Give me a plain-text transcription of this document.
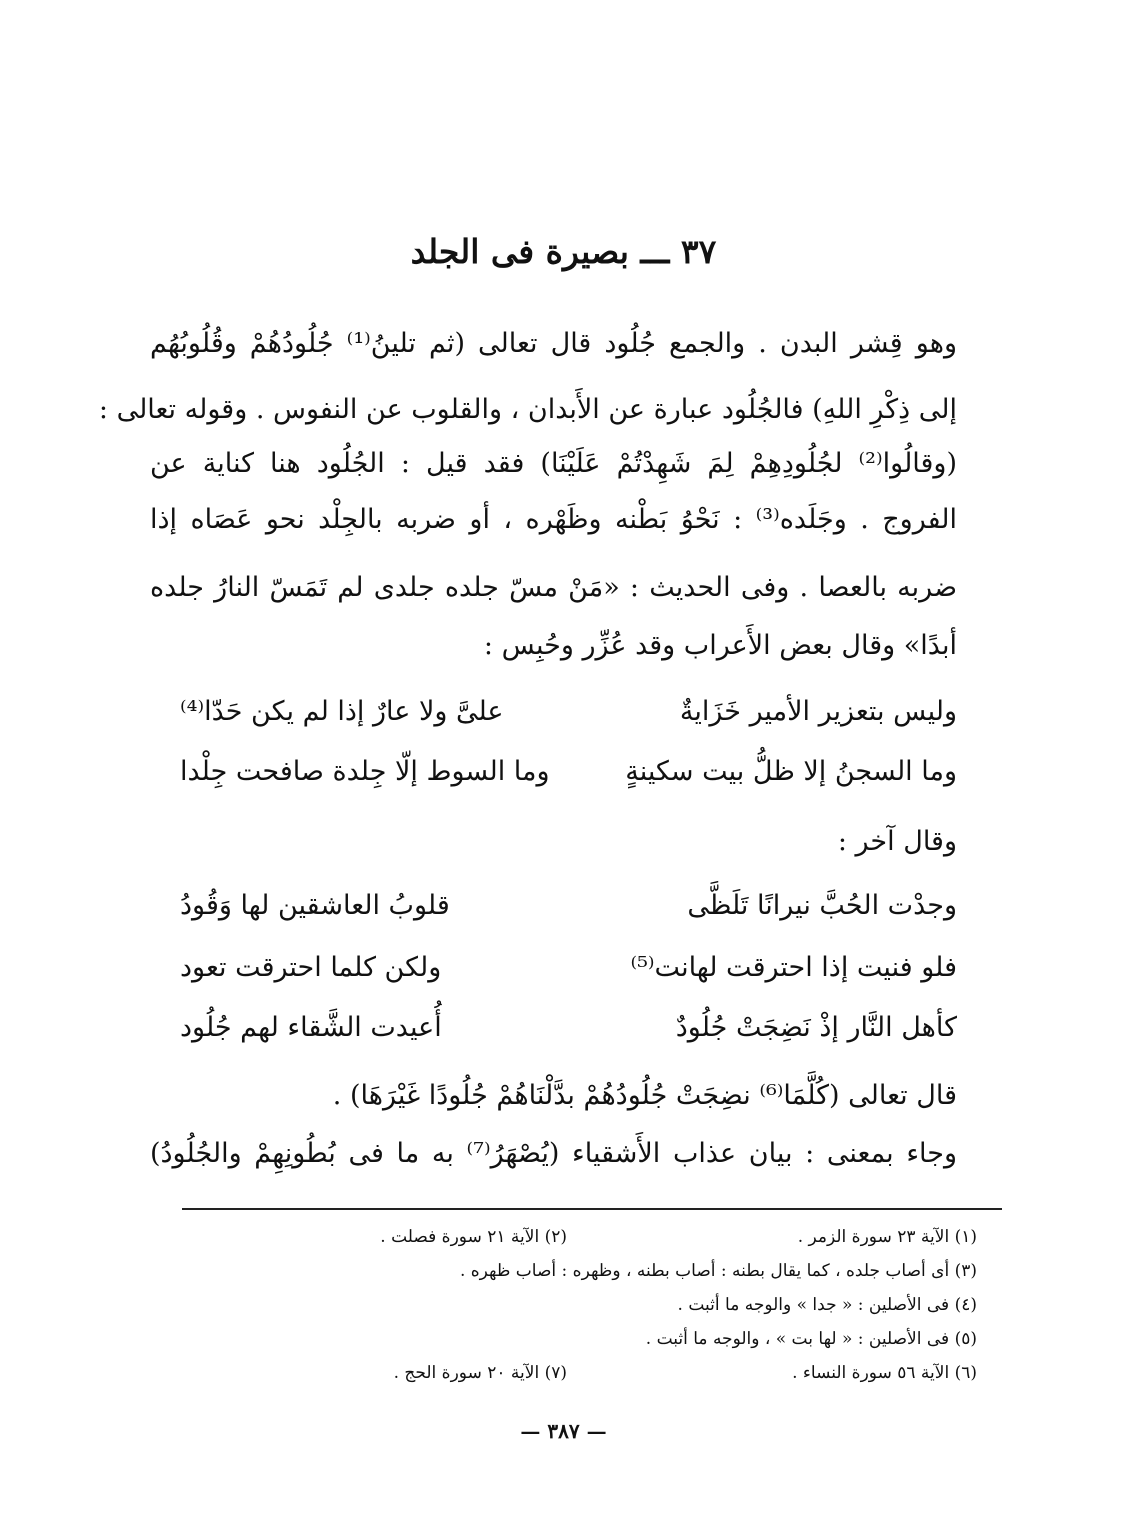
٣٧ ـــ بصيرة فى الجلد
وهو قِشر البدن . والجمع جُلُود قال تعالى (ثم تلينُ⁽¹⁾ جُلُودُهُمْ وقُلُوبُهُم
إلى ذِكْرِ اللهِ) فالجُلُود عبارة عن الأَبدان ، والقلوب عن النفوس . وقوله تعالى :
(وقالُوا⁽²⁾ لجُلُودِهِمْ لِمَ شَهِدْتُمْ عَلَيْنَا) فقد قيل : الجُلُود هنا كناية عن
الفروج . وجَلَده⁽³⁾ : نَحْوُ بَطْنه وظَهْره ، أو ضربه بالجِلْد نحو عَصَاه إذا
ضربه بالعصا . وفى الحديث : «مَنْ مسّ جلده جلدى لم تَمَسّ النارُ جلده
أبدًا» وقال بعض الأَعراب وقد عُزِّر وحُبِس :
وليس بتعزير الأمير خَزَايةٌ
علىَّ ولا عارٌ إذا لم يكن حَدّا⁽⁴⁾
وما السجنُ إلا ظلُّ بيت سكينةٍ
وما السوط إلّا جِلدة صافحت جِلْدا
وقال آخر :
وجدْت الحُبَّ نيرانًا تَلَظَّى
قلوبُ العاشقين لها وَقُودُ
فلو فنيت إذا احترقت لهانت⁽⁵⁾
ولكن كلما احترقت تعود
كأهل النَّار إذْ نَضِجَتْ جُلُودٌ
أُعيدت الشَّقاء لهم جُلُود
قال تعالى (كُلَّمَا⁽⁶⁾ نضِجَتْ جُلُودُهُمْ بدَّلْنَاهُمْ جُلُودًا غَيْرَهَا) .
وجاء بمعنى : بيان عذاب الأَشقياء (يُصْهَرُ⁽⁷⁾ به ما فى بُطُونِهِمْ والجُلُودُ)
(١) الآية ٢٣ سورة الزمر .
(٢) الآية ٢١ سورة فصلت .
(٣) أى أصاب جلده ، كما يقال بطنه : أصاب بطنه ، وظهره : أصاب ظهره .
(٤) فى الأصلين : « جدا » والوجه ما أثبت .
(٥) فى الأصلين : « لها بت » ، والوجه ما أثبت .
(٦) الآية ٥٦ سورة النساء .
(٧) الآية ٢٠ سورة الحج .
— ٣٨٧ —
